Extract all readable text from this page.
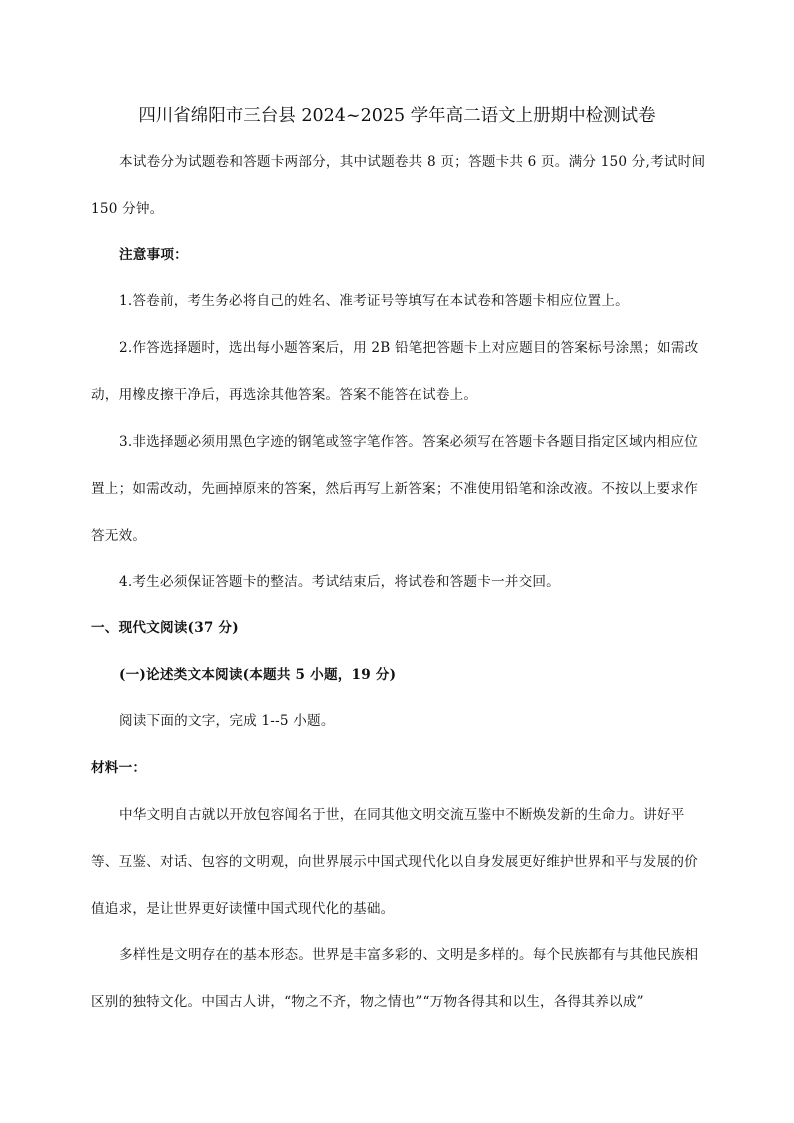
四川省绵阳市三台县 2024~2025 学年高二语文上册期中检测试卷

本试卷分为试题卷和答题卡两部分，其中试题卷共 8 页；答题卡共 6 页。满分 150 分,考试时间 150 分钟。

注意事项：

1.答卷前，考生务必将自己的姓名、准考证号等填写在本试卷和答题卡相应位置上。

2.作答选择题时，选出每小题答案后，用 2B 铅笔把答题卡上对应题目的答案标号涂黑；如需改动，用橡皮擦干净后，再选涂其他答案。答案不能答在试卷上。

3.非选择题必须用黑色字迹的钢笔或签字笔作答。答案必须写在答题卡各题目指定区域内相应位置上；如需改动，先画掉原来的答案，然后再写上新答案；不准使用铅笔和涂改液。不按以上要求作答无效。

4.考生必须保证答题卡的整洁。考试结束后，将试卷和答题卡一并交回。

一、现代文阅读(37 分)

(一)论述类文本阅读(本题共 5 小题，19 分)

阅读下面的文字，完成 1--5 小题。

材料一：

中华文明自古就以开放包容闻名于世，在同其他文明交流互鉴中不断焕发新的生命力。讲好平等、互鉴、对话、包容的文明观，向世界展示中国式现代化以自身发展更好维护世界和平与发展的价值追求，是让世界更好读懂中国式现代化的基础。

多样性是文明存在的基本形态。世界是丰富多彩的、文明是多样的。每个民族都有与其他民族相区别的独特文化。中国古人讲，“物之不齐，物之情也”“万物各得其和以生，各得其养以成”
